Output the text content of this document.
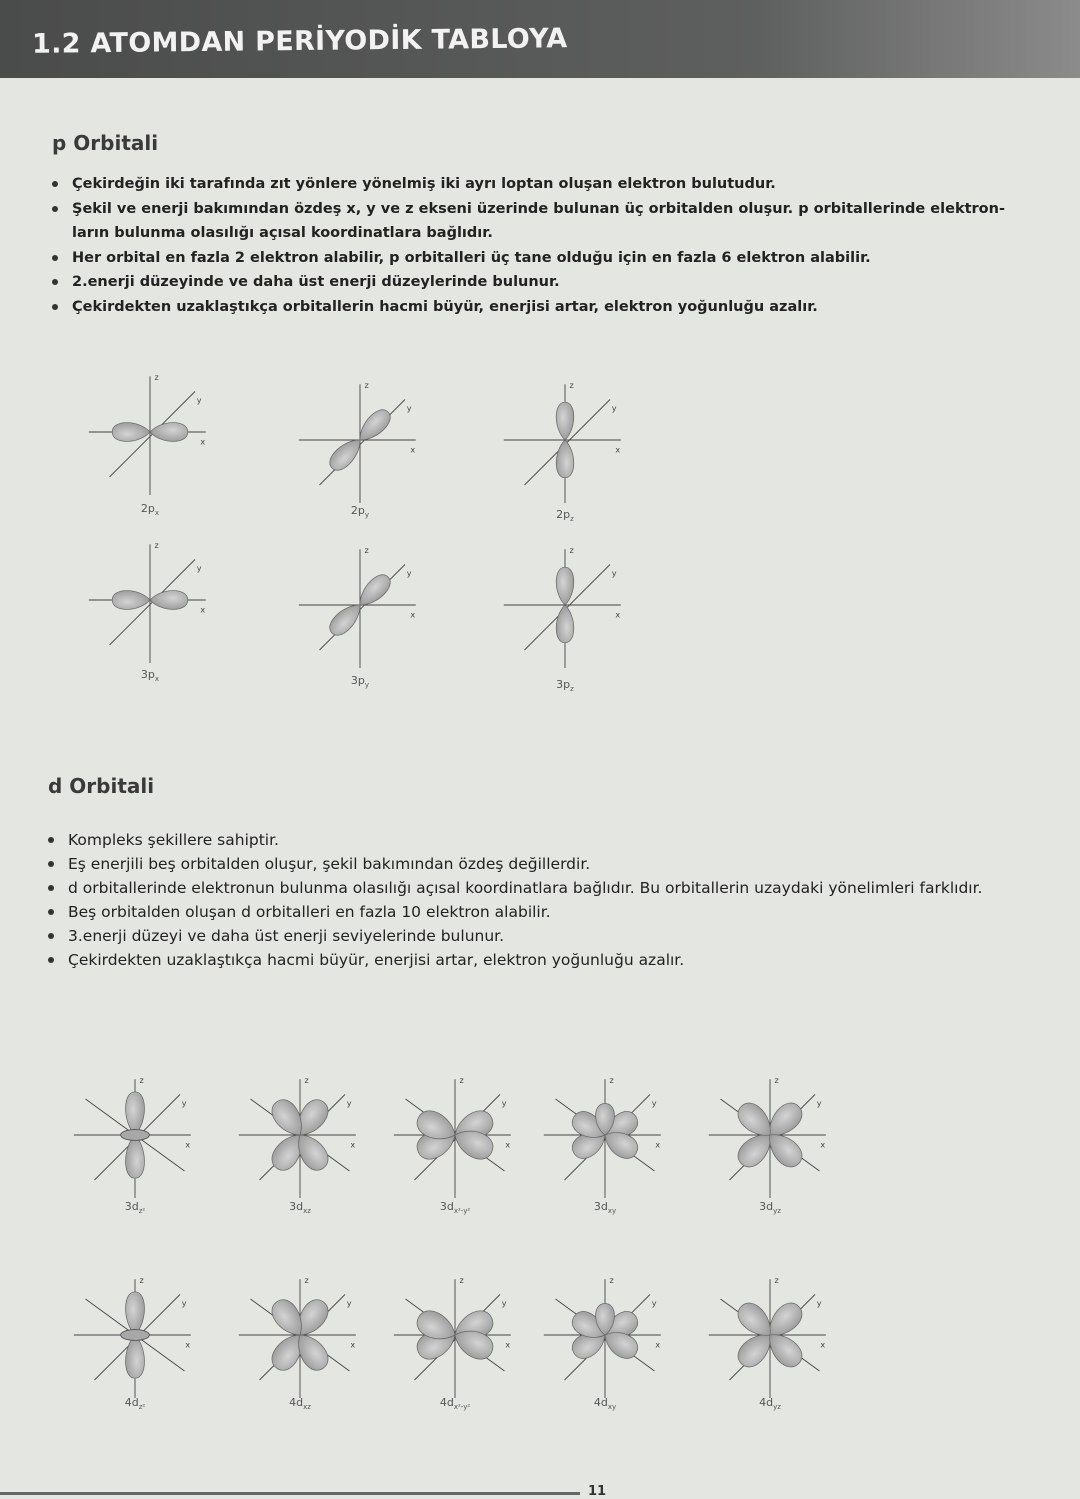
1.2 ATOMDAN PERİYODİK TABLOYA
p Orbitali
Çekirdeğin iki tarafında zıt yönlere yönelmiş iki ayrı loptan oluşan elektron bulutudur.
Şekil ve enerji bakımından özdeş x, y ve z ekseni üzerinde bulunan üç orbitalden oluşur. p orbitallerinde elektron-ların bulunma olasılığı açısal koordinatlara bağlıdır.
Her orbital en fazla 2 elektron alabilir, p orbitalleri üç tane olduğu için en fazla 6 elektron alabilir.
2.enerji düzeyinde ve daha üst enerji düzeylerinde bulunur.
Çekirdekten uzaklaştıkça orbitallerin hacmi büyür, enerjisi artar, elektron yoğunluğu azalır.
z
y
x
$2p_x$
z
y
x
$2p_y$
z
y
x
$2p_z$
z
y
x
$3p_x$
z
y
x
$3p_y$
z
y
x
$3p_z$
d Orbitali
Kompleks şekillere sahiptir.
Eş enerjili beş orbitalden oluşur, şekil bakımından özdeş değillerdir.
d orbitallerinde elektronun bulunma olasılığı açısal koordinatlara bağlıdır. Bu orbitallerin uzaydaki yönelimleri farklıdır.
Beş orbitalden oluşan d orbitalleri en fazla 10 elektron alabilir.
3.enerji düzeyi ve daha üst enerji seviyelerinde bulunur.
Çekirdekten uzaklaştıkça hacmi büyür, enerjisi artar, elektron yoğunluğu azalır.
z
y
x
$3d_{z^2}$
z
y
x
$3d_{xz}$
z
y
x
$3d_{x^2-y^2}$
z
y
x
$3d_{xy}$
z
y
x
$3d_{yz}$
z
y
x
$4d_{z^2}$
z
y
x
$4d_{xz}$
z
y
x
$4d_{x^2-y^2}$
z
y
x
$4d_{xy}$
z
y
x
$4d_{yz}$
11
